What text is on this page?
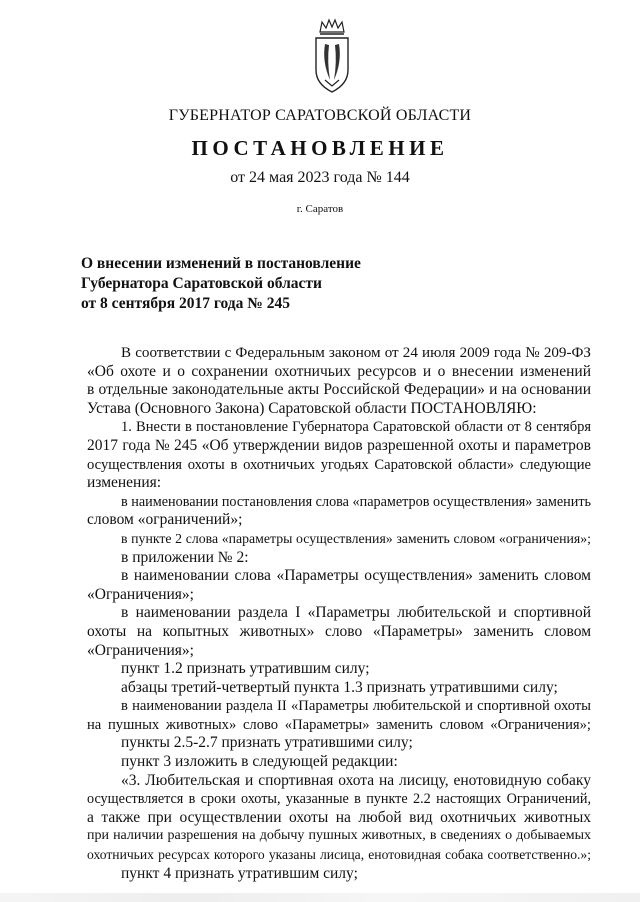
ГУБЕРНАТОР САРАТОВСКОЙ ОБЛАСТИ
ПОСТАНОВЛЕНИЕ
от 24 мая 2023 года № 144
г. Саратов
О внесении изменений в постановление
Губернатора Саратовской области
от 8 сентября 2017 года № 245
В соответствии с Федеральным законом от 24 июля 2009 года № 209-ФЗ
«Об охоте и о сохранении охотничьих ресурсов и о внесении изменений
в отдельные законодательные акты Российской Федерации» и на основании
Устава (Основного Закона) Саратовской области ПОСТАНОВЛЯЮ:
1. Внести в постановление Губернатора Саратовской области от 8 сентября
2017 года № 245 «Об утверждении видов разрешенной охоты и параметров
осуществления охоты в охотничьих угодьях Саратовской области» следующие
изменения:
в наименовании постановления слова «параметров осуществления» заменить
словом «ограничений»;
в пункте 2 слова «параметры осуществления» заменить словом «ограничения»;
в приложении № 2:
в наименовании слова «Параметры осуществления» заменить словом
«Ограничения»;
в наименовании раздела I «Параметры любительской и спортивной
охоты на копытных животных» слово «Параметры» заменить словом
«Ограничения»;
пункт 1.2 признать утратившим силу;
абзацы третий-четвертый пункта 1.3 признать утратившими силу;
в наименовании раздела II «Параметры любительской и спортивной охоты
на пушных животных» слово «Параметры» заменить словом «Ограничения»;
пункты 2.5-2.7 признать утратившими силу;
пункт 3 изложить в следующей редакции:
«3. Любительская и спортивная охота на лисицу, енотовидную собаку
осуществляется в сроки охоты, указанные в пункте 2.2 настоящих Ограничений,
а также при осуществлении охоты на любой вид охотничьих животных
при наличии разрешения на добычу пушных животных, в сведениях о добываемых
охотничьих ресурсах которого указаны лисица, енотовидная собака соответственно.»;
пункт 4 признать утратившим силу;
